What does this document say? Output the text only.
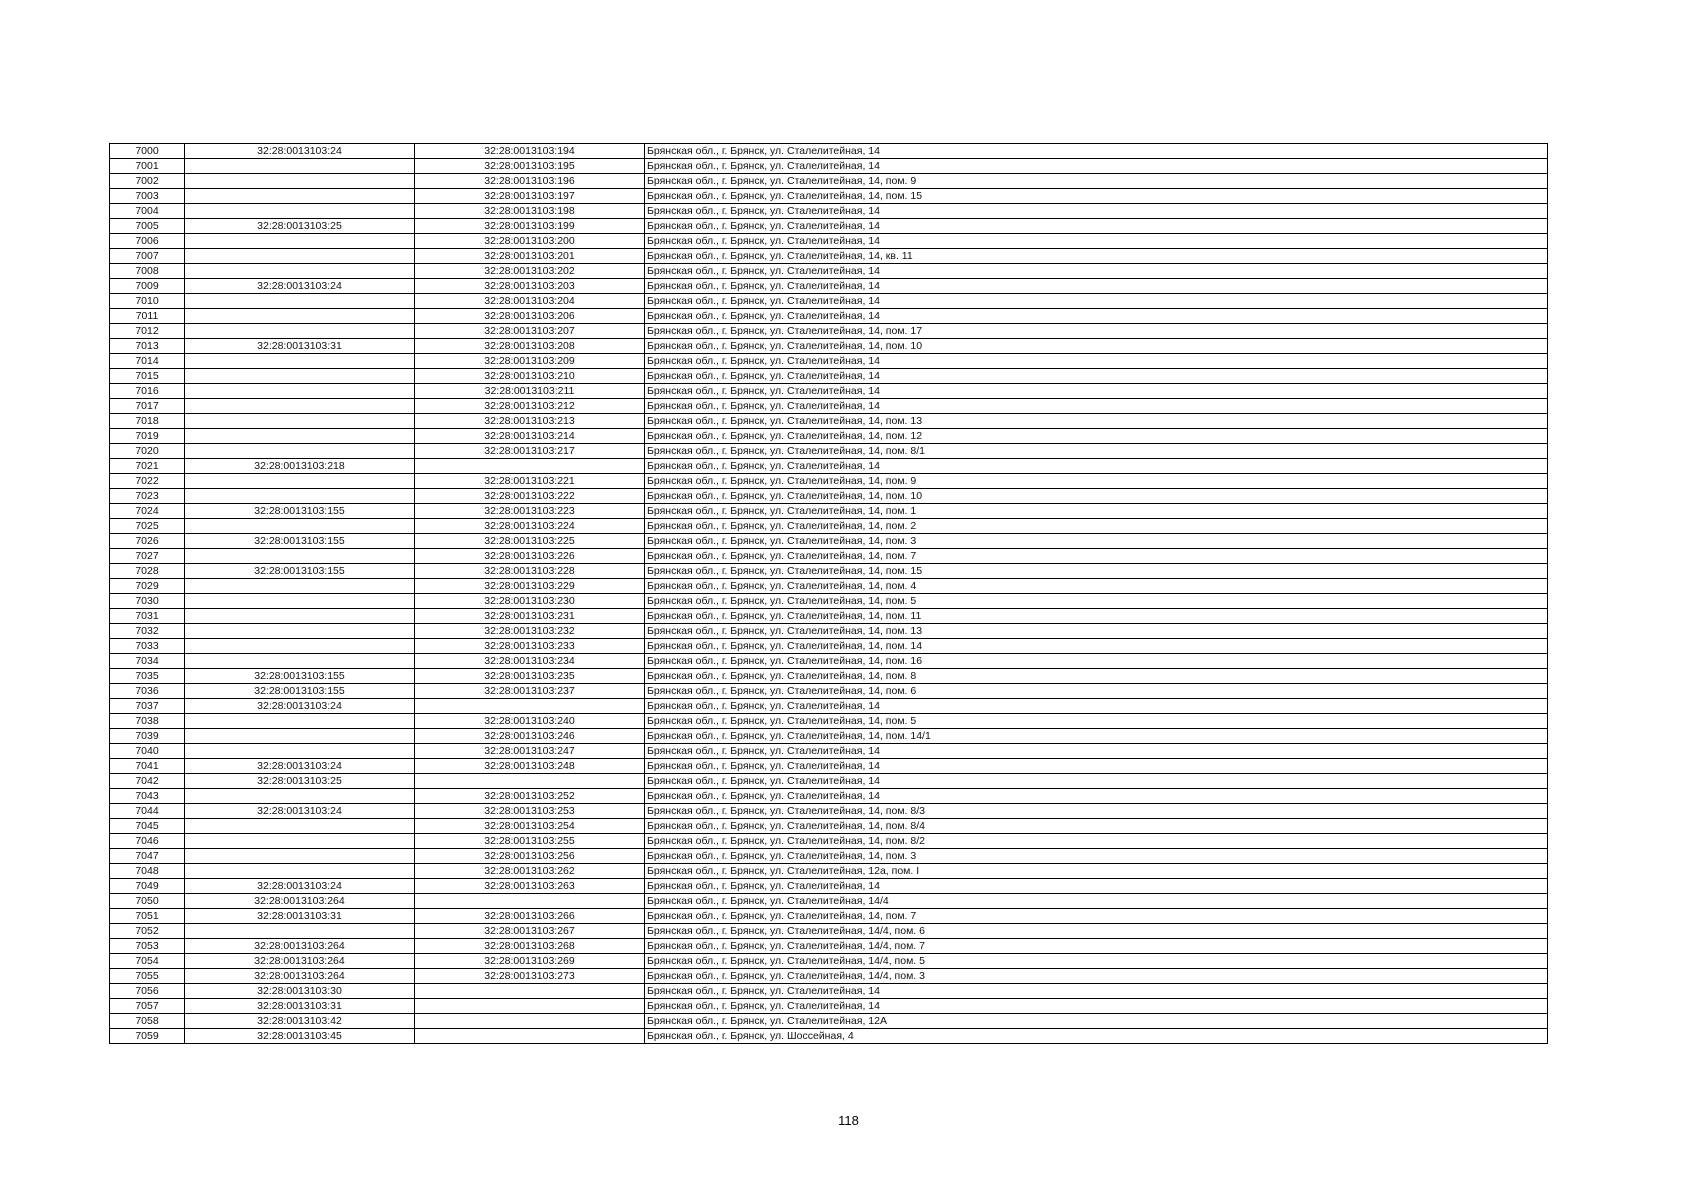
7000	32:28:0013103:24	32:28:0013103:194	Брянская обл., г. Брянск, ул. Сталелитейная, 14
7001		32:28:0013103:195	Брянская обл., г. Брянск, ул. Сталелитейная, 14
7002		32:28:0013103:196	Брянская обл., г. Брянск, ул. Сталелитейная, 14, пом. 9
7003		32:28:0013103:197	Брянская обл., г. Брянск, ул. Сталелитейная, 14, пом. 15
7004		32:28:0013103:198	Брянская обл., г. Брянск, ул. Сталелитейная, 14
7005	32:28:0013103:25	32:28:0013103:199	Брянская обл., г. Брянск, ул. Сталелитейная, 14
7006		32:28:0013103:200	Брянская обл., г. Брянск, ул. Сталелитейная, 14
7007		32:28:0013103:201	Брянская обл., г. Брянск, ул. Сталелитейная, 14, кв. 11
7008		32:28:0013103:202	Брянская обл., г. Брянск, ул. Сталелитейная, 14
7009	32:28:0013103:24	32:28:0013103:203	Брянская обл., г. Брянск, ул. Сталелитейная, 14
7010		32:28:0013103:204	Брянская обл., г. Брянск, ул. Сталелитейная, 14
7011		32:28:0013103:206	Брянская обл., г. Брянск, ул. Сталелитейная, 14
7012		32:28:0013103:207	Брянская обл., г. Брянск, ул. Сталелитейная, 14, пом. 17
7013	32:28:0013103:31	32:28:0013103:208	Брянская обл., г. Брянск, ул. Сталелитейная, 14, пом. 10
7014		32:28:0013103:209	Брянская обл., г. Брянск, ул. Сталелитейная, 14
7015		32:28:0013103:210	Брянская обл., г. Брянск, ул. Сталелитейная, 14
7016		32:28:0013103:211	Брянская обл., г. Брянск, ул. Сталелитейная, 14
7017		32:28:0013103:212	Брянская обл., г. Брянск, ул. Сталелитейная, 14
7018		32:28:0013103:213	Брянская обл., г. Брянск, ул. Сталелитейная, 14, пом. 13
7019		32:28:0013103:214	Брянская обл., г. Брянск, ул. Сталелитейная, 14, пом. 12
7020		32:28:0013103:217	Брянская обл., г. Брянск, ул. Сталелитейная, 14, пом. 8/1
7021	32:28:0013103:218		Брянская обл., г. Брянск, ул. Сталелитейная, 14
7022		32:28:0013103:221	Брянская обл., г. Брянск, ул. Сталелитейная, 14, пом. 9
7023		32:28:0013103:222	Брянская обл., г. Брянск, ул. Сталелитейная, 14, пом. 10
7024	32:28:0013103:155	32:28:0013103:223	Брянская обл., г. Брянск, ул. Сталелитейная, 14, пом. 1
7025		32:28:0013103:224	Брянская обл., г. Брянск, ул. Сталелитейная, 14, пом. 2
7026	32:28:0013103:155	32:28:0013103:225	Брянская обл., г. Брянск, ул. Сталелитейная, 14, пом. 3
7027		32:28:0013103:226	Брянская обл., г. Брянск, ул. Сталелитейная, 14, пом. 7
7028	32:28:0013103:155	32:28:0013103:228	Брянская обл., г. Брянск, ул. Сталелитейная, 14, пом. 15
7029		32:28:0013103:229	Брянская обл., г. Брянск, ул. Сталелитейная, 14, пом. 4
7030		32:28:0013103:230	Брянская обл., г. Брянск, ул. Сталелитейная, 14, пом. 5
7031		32:28:0013103:231	Брянская обл., г. Брянск, ул. Сталелитейная, 14, пом. 11
7032		32:28:0013103:232	Брянская обл., г. Брянск, ул. Сталелитейная, 14, пом. 13
7033		32:28:0013103:233	Брянская обл., г. Брянск, ул. Сталелитейная, 14, пом. 14
7034		32:28:0013103:234	Брянская обл., г. Брянск, ул. Сталелитейная, 14, пом. 16
7035	32:28:0013103:155	32:28:0013103:235	Брянская обл., г. Брянск, ул. Сталелитейная, 14, пом. 8
7036	32:28:0013103:155	32:28:0013103:237	Брянская обл., г. Брянск, ул. Сталелитейная, 14, пом. 6
7037	32:28:0013103:24		Брянская обл., г. Брянск, ул. Сталелитейная, 14
7038		32:28:0013103:240	Брянская обл., г. Брянск, ул. Сталелитейная, 14, пом. 5
7039		32:28:0013103:246	Брянская обл., г. Брянск, ул. Сталелитейная, 14, пом. 14/1
7040		32:28:0013103:247	Брянская обл., г. Брянск, ул. Сталелитейная, 14
7041	32:28:0013103:24	32:28:0013103:248	Брянская обл., г. Брянск, ул. Сталелитейная, 14
7042	32:28:0013103:25		Брянская обл., г. Брянск, ул. Сталелитейная, 14
7043		32:28:0013103:252	Брянская обл., г. Брянск, ул. Сталелитейная, 14
7044	32:28:0013103:24	32:28:0013103:253	Брянская обл., г. Брянск, ул. Сталелитейная, 14, пом. 8/3
7045		32:28:0013103:254	Брянская обл., г. Брянск, ул. Сталелитейная, 14, пом. 8/4
7046		32:28:0013103:255	Брянская обл., г. Брянск, ул. Сталелитейная, 14, пом. 8/2
7047		32:28:0013103:256	Брянская обл., г. Брянск, ул. Сталелитейная, 14, пом. 3
7048		32:28:0013103:262	Брянская обл., г. Брянск, ул. Сталелитейная, 12а, пом. I
7049	32:28:0013103:24	32:28:0013103:263	Брянская обл., г. Брянск, ул. Сталелитейная, 14
7050	32:28:0013103:264		Брянская обл., г. Брянск, ул. Сталелитейная, 14/4
7051	32:28:0013103:31	32:28:0013103:266	Брянская обл., г. Брянск, ул. Сталелитейная, 14, пом. 7
7052		32:28:0013103:267	Брянская обл., г. Брянск, ул. Сталелитейная, 14/4, пом. 6
7053	32:28:0013103:264	32:28:0013103:268	Брянская обл., г. Брянск, ул. Сталелитейная, 14/4, пом. 7
7054	32:28:0013103:264	32:28:0013103:269	Брянская обл., г. Брянск, ул. Сталелитейная, 14/4, пом. 5
7055	32:28:0013103:264	32:28:0013103:273	Брянская обл., г. Брянск, ул. Сталелитейная, 14/4, пом. 3
7056	32:28:0013103:30		Брянская обл., г. Брянск, ул. Сталелитейная, 14
7057	32:28:0013103:31		Брянская обл., г. Брянск, ул. Сталелитейная, 14
7058	32:28:0013103:42		Брянская обл., г. Брянск, ул. Сталелитейная, 12А
7059	32:28:0013103:45		Брянская обл., г. Брянск, ул. Шоссейная, 4
118
